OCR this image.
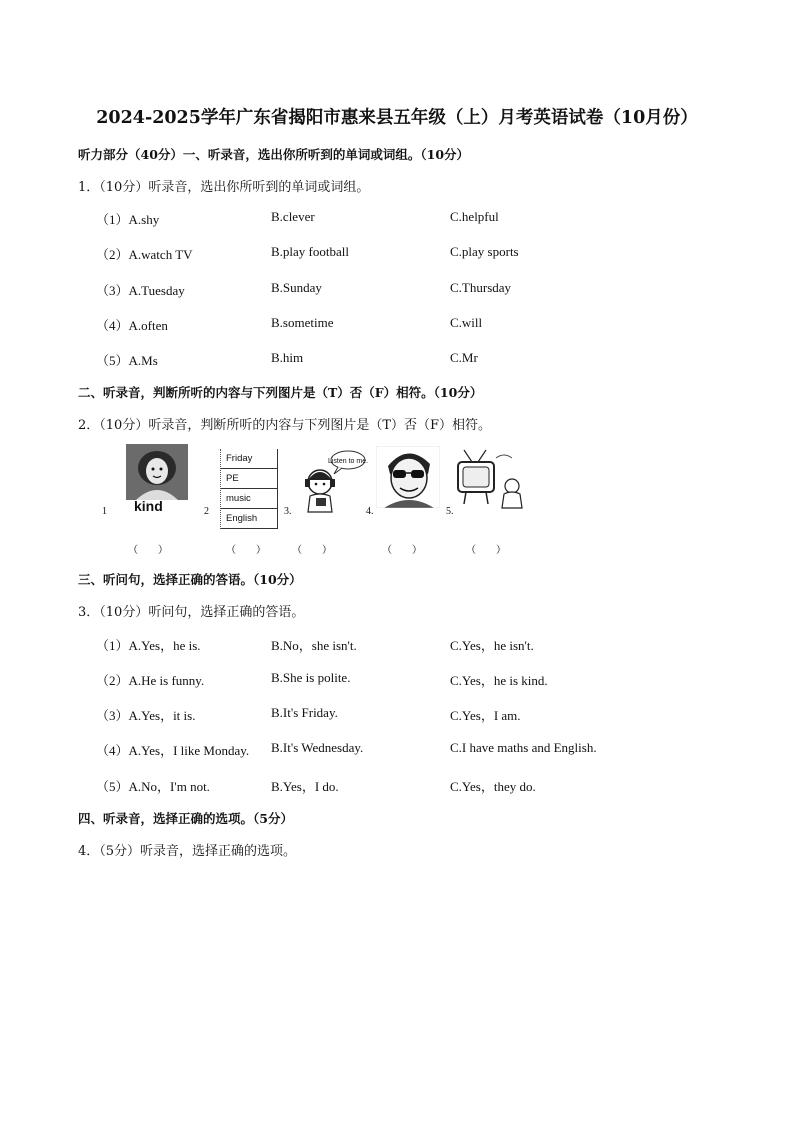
2024-2025学年广东省揭阳市惠来县五年级（上）月考英语试卷（10月份）
听力部分（40分）一、听录音，选出你所听到的单词或词组。（10分）
1．（10分）听录音，选出你所听到的单词或词组。
（1）A.shy	B.clever	C.helpful
（2）A.watch TV	B.play football	C.play sports
（3）A.Tuesday	B.Sunday	C.Thursday
（4）A.often	B.sometime	C.will
（5）A.Ms	B.him	C.Mr
二、听录音，判断所听的内容与下列图片是（T）否（F）相符。（10分）
2．（10分）听录音，判断所听的内容与下列图片是（T）否（F）相符。
1 kind	2
Friday
PE
music
English
3.
Listen to me.
4.	5.
（　　）	（　　）	（　　）	（　　）	（　　）
三、听问句，选择正确的答语。（10分）
3．（10分）听问句，选择正确的答语。
（1）A.Yes，he is.	B.No，she isn't.	C.Yes，he isn't.
（2）A.He is funny.	B.She is polite.	C.Yes，he is kind.
（3）A.Yes，it is.	B.It's Friday.	C.Yes，I am.
（4）A.Yes，I like Monday. B.It's Wednesday.	C.I have maths and English.
（5）A.No，I'm not.	B.Yes，I do.	C.Yes，they do.
四、听录音，选择正确的选项。（5分）
4．（5分）听录音，选择正确的选项。
